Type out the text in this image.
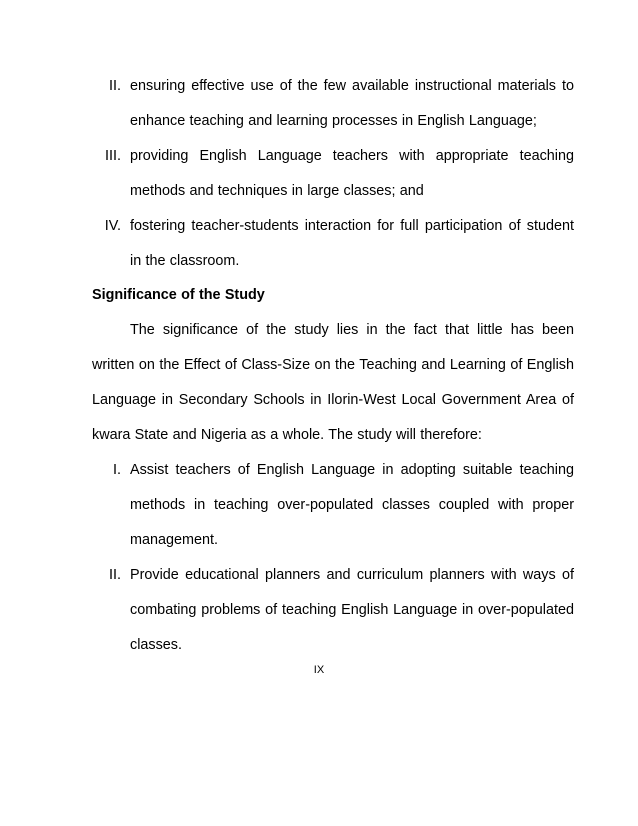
II. ensuring effective use of the few available instructional materials to enhance teaching and learning processes in English Language;
III. providing English Language teachers with appropriate teaching methods and techniques in large classes; and
IV. fostering teacher-students interaction for full participation of student in the classroom.
Significance of the Study

The significance of the study lies in the fact that little has been written on the Effect of Class-Size on the Teaching and Learning of English Language in Secondary Schools in Ilorin-West Local Government Area of kwara State and Nigeria as a whole. The study will therefore:

I. Assist teachers of English Language in adopting suitable teaching methods in teaching over-populated classes coupled with proper management.
II. Provide educational planners and curriculum planners with ways of combating problems of teaching English Language in over-populated classes.
IX
